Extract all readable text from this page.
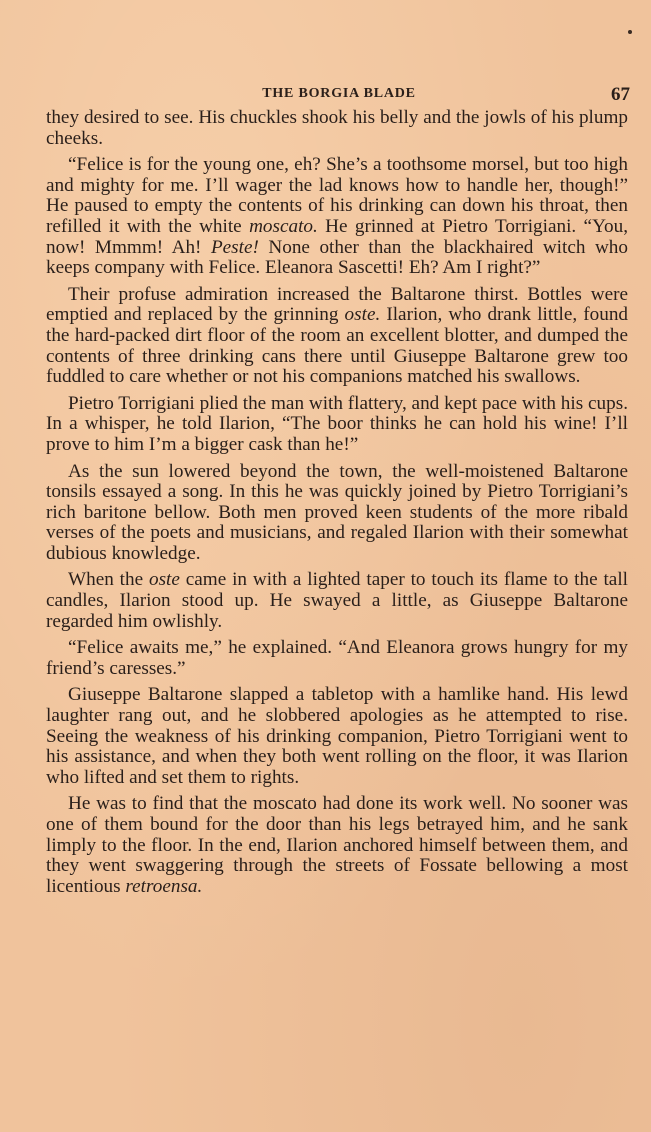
THE BORGIA BLADE	67

they desired to see. His chuckles shook his belly and the jowls of his plump cheeks.

“Felice is for the young one, eh? She’s a toothsome morsel, but too high and mighty for me. I’ll wager the lad knows how to handle her, though!” He paused to empty the contents of his drinking can down his throat, then refilled it with the white moscato. He grinned at Pietro Torrigiani. “You, now! Mmmm! Ah! Peste! None other than the blackhaired witch who keeps company with Felice. Eleanora Sascetti! Eh? Am I right?”

Their profuse admiration increased the Baltarone thirst. Bottles were emptied and replaced by the grinning oste. Ilarion, who drank little, found the hard-packed dirt floor of the room an excellent blotter, and dumped the contents of three drinking cans there until Giuseppe Baltarone grew too fuddled to care whether or not his companions matched his swallows.

Pietro Torrigiani plied the man with flattery, and kept pace with his cups. In a whisper, he told Ilarion, “The boor thinks he can hold his wine! I’ll prove to him I’m a bigger cask than he!”

As the sun lowered beyond the town, the well-moistened Baltarone tonsils essayed a song. In this he was quickly joined by Pietro Torrigiani’s rich baritone bellow. Both men proved keen students of the more ribald verses of the poets and musicians, and regaled Ilarion with their somewhat dubious knowledge.

When the oste came in with a lighted taper to touch its flame to the tall candles, Ilarion stood up. He swayed a little, as Giuseppe Baltarone regarded him owlishly.

“Felice awaits me,” he explained. “And Eleanora grows hungry for my friend’s caresses.”

Giuseppe Baltarone slapped a tabletop with a hamlike hand. His lewd laughter rang out, and he slobbered apologies as he attempted to rise. Seeing the weakness of his drinking companion, Pietro Torrigiani went to his assistance, and when they both went rolling on the floor, it was Ilarion who lifted and set them to rights.

He was to find that the moscato had done its work well. No sooner was one of them bound for the door than his legs betrayed him, and he sank limply to the floor. In the end, Ilarion anchored himself between them, and they went swaggering through the streets of Fossate bellowing a most licentious retroensa.
